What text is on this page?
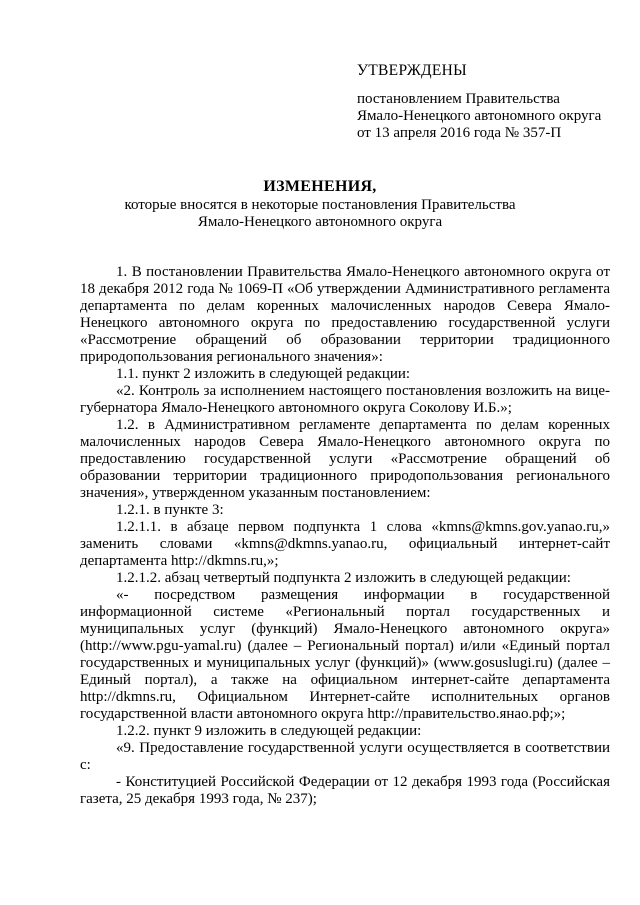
УТВЕРЖДЕНЫ
постановлением Правительства
Ямало-Ненецкого автономного округа
от 13 апреля 2016 года № 357-П
ИЗМЕНЕНИЯ,
которые вносятся в некоторые постановления Правительства
Ямало-Ненецкого автономного округа

1. В постановлении Правительства Ямало-Ненецкого автономного округа от 18 декабря 2012 года № 1069-П «Об утверждении Административного регламента департамента по делам коренных малочисленных народов Севера Ямало-Ненецкого автономного округа по предоставлению государственной услуги «Рассмотрение обращений об образовании территории традиционного природопользования регионального значения»:

1.1. пункт 2 изложить в следующей редакции:

«2. Контроль за исполнением настоящего постановления возложить на вице-губернатора Ямало-Ненецкого автономного округа Соколову И.Б.»;

1.2. в Административном регламенте департамента по делам коренных малочисленных народов Севера Ямало-Ненецкого автономного округа по предоставлению государственной услуги «Рассмотрение обращений об образовании территории традиционного природопользования регионального значения», утвержденном указанным постановлением:

1.2.1. в пункте 3:

1.2.1.1. в абзаце первом подпункта 1 слова «kmns@kmns.gov.yanao.ru,» заменить словами «kmns@dkmns.yanao.ru, официальный интернет-сайт департамента http://dkmns.ru,»;

1.2.1.2. абзац четвертый подпункта 2 изложить в следующей редакции:

«- посредством размещения информации в государственной информационной системе «Региональный портал государственных и муниципальных услуг (функций) Ямало-Ненецкого автономного округа» (http://www.pgu-yamal.ru) (далее – Региональный портал) и/или «Единый портал государственных и муниципальных услуг (функций)» (www.gosuslugi.ru) (далее – Единый портал), а также на официальном интернет-сайте департамента http://dkmns.ru, Официальном Интернет-сайте исполнительных органов государственной власти автономного округа http://правительство.янао.рф;»;

1.2.2. пункт 9 изложить в следующей редакции:

«9. Предоставление государственной услуги осуществляется в соответствии с:

- Конституцией Российской Федерации от 12 декабря 1993 года (Российская газета, 25 декабря 1993 года, № 237);
